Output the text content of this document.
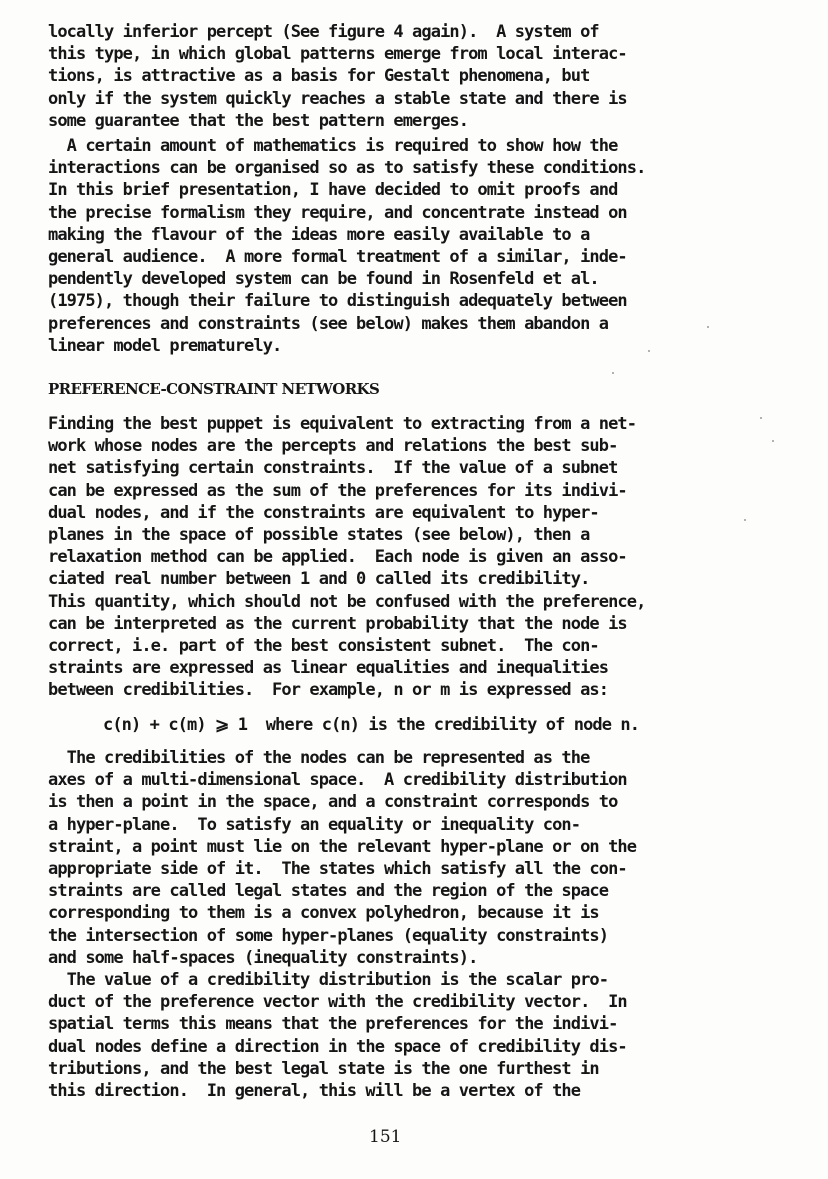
locally inferior percept (See figure 4 again).  A system of
this type, in which global patterns emerge from local interac-
tions, is attractive as a basis for Gestalt phenomena, but
only if the system quickly reaches a stable state and there is
some guarantee that the best pattern emerges.
A certain amount of mathematics is required to show how the
interactions can be organised so as to satisfy these conditions.
In this brief presentation, I have decided to omit proofs and
the precise formalism they require, and concentrate instead on
making the flavour of the ideas more easily available to a
general audience.  A more formal treatment of a similar, inde-
pendently developed system can be found in Rosenfeld et al.
(1975), though their failure to distinguish adequately between
preferences and constraints (see below) makes them abandon a
linear model prematurely.
PREFERENCE-CONSTRAINT NETWORKS
Finding the best puppet is equivalent to extracting from a net-
work whose nodes are the percepts and relations the best sub-
net satisfying certain constraints.  If the value of a subnet
can be expressed as the sum of the preferences for its indivi-
dual nodes, and if the constraints are equivalent to hyper-
planes in the space of possible states (see below), then a
relaxation method can be applied.  Each node is given an asso-
ciated real number between 1 and 0 called its credibility.
This quantity, which should not be confused with the preference,
can be interpreted as the current probability that the node is
correct, i.e. part of the best consistent subnet.  The con-
straints are expressed as linear equalities and inequalities
between credibilities.  For example, n or m is expressed as:
c(n) + c(m) ⩾ 1  where c(n) is the credibility of node n.
The credibilities of the nodes can be represented as the
axes of a multi-dimensional space.  A credibility distribution
is then a point in the space, and a constraint corresponds to
a hyper-plane.  To satisfy an equality or inequality con-
straint, a point must lie on the relevant hyper-plane or on the
appropriate side of it.  The states which satisfy all the con-
straints are called legal states and the region of the space
corresponding to them is a convex polyhedron, because it is
the intersection of some hyper-planes (equality constraints)
and some half-spaces (inequality constraints).
The value of a credibility distribution is the scalar pro-
duct of the preference vector with the credibility vector.  In
spatial terms this means that the preferences for the indivi-
dual nodes define a direction in the space of credibility dis-
tributions, and the best legal state is the one furthest in
this direction.  In general, this will be a vertex of the
151
